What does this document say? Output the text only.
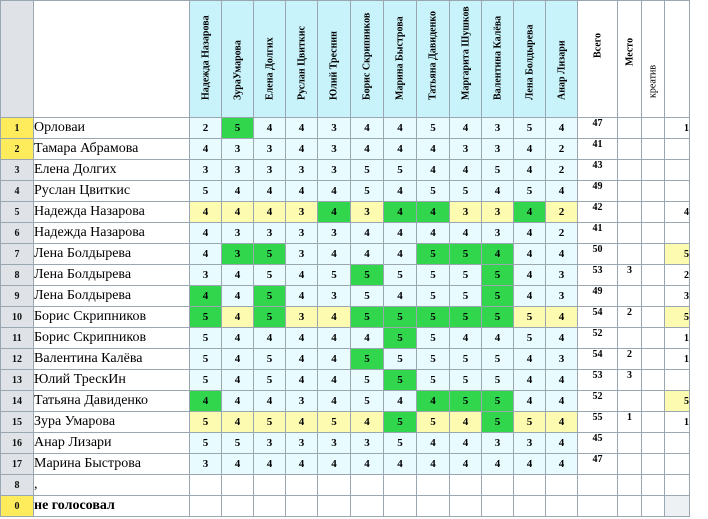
		Надежда Назарова	ЗураУмарова	Елена Долгих	Руслан Цвиткис	Юлий Треснин	Борис Скрипников	Марина Быстрова	Татьяна Давиденко	Маргарита Шушков	Валентина Калёва	Лена Болдырева	Анар Лизари	Всего	Место	креатив	

1	Орловаи	2	5	4	4	3	4	4	5	4	3	5	4	47			1
2	Тамара Абрамова	4	3	3	4	3	4	4	4	3	3	4	2	41			
3	Елена Долгих	3	3	3	3	3	5	5	4	4	5	4	2	43			
4	Руслан Цвиткис	5	4	4	4	4	5	4	5	5	4	5	4	49			
5	Надежда Назарова	4	4	4	3	4	3	4	4	3	3	4	2	42			4
6	Надежда Назарова	4	3	3	3	3	4	4	4	4	3	4	2	41			
7	Лена Болдырева	4	3	5	3	4	4	4	5	5	4	4	4	50			5
8	Лена Болдырева	3	4	5	4	5	5	5	5	5	5	4	3	53	3		2
9	Лена Болдырева	4	4	5	4	3	5	4	5	5	5	4	3	49			3
10	Борис Скрипников	5	4	5	3	4	5	5	5	5	5	5	4	54	2		5
11	Борис Скрипников	5	4	4	4	4	4	5	5	4	4	5	4	52			1
12	Валентина Калёва	5	4	5	4	4	5	5	5	5	5	4	3	54	2		1
13	Юлий ТрескИн	5	4	5	4	4	5	5	5	5	5	4	4	53	3		
14	Татьяна Давиденко	4	4	4	3	4	5	4	4	5	5	4	4	52			5
15	Зура Умарова	5	4	5	4	5	4	5	5	4	5	5	4	55	1		1
16	Анар Лизари	5	5	3	3	3	3	5	4	4	3	3	4	45			
17	Марина Быстрова	3	4	4	4	4	4	4	4	4	4	4	4	47			
8	,																
0	не голосовал																
